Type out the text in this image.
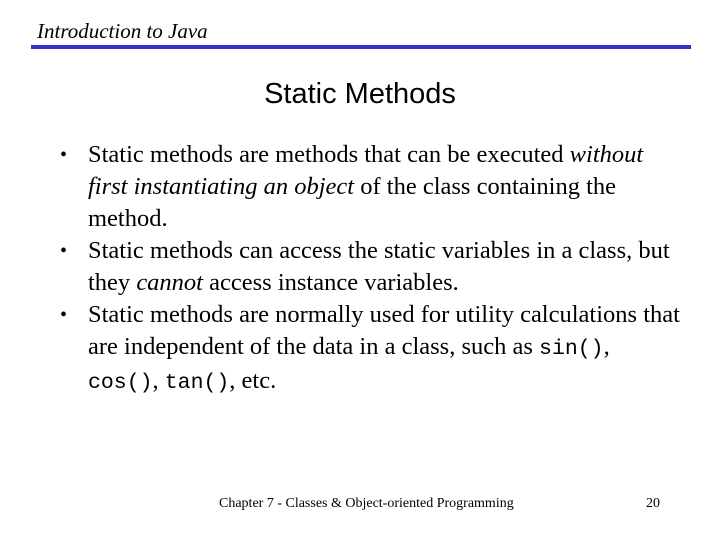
Introduction to Java
Static Methods
• Static methods are methods that can be executed without first instantiating an object of the class containing the method.
• Static methods can access the static variables in a class, but they cannot access instance variables.
• Static methods are normally used for utility calculations that are independent of the data in a class, such as sin(), cos(), tan(), etc.
Chapter 7 - Classes & Object-oriented Programming	20
